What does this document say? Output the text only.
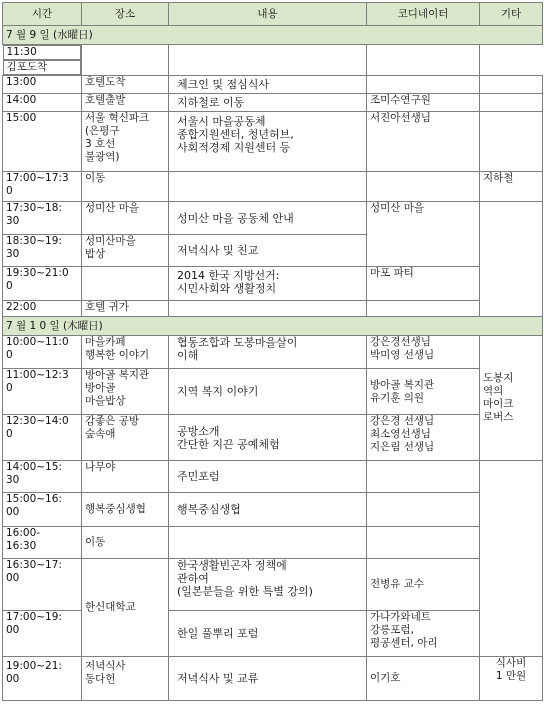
시간	장소	내용	코디네이터	기타
7 월 9 일 (水曜日)				

11:30
김포도착

13:00	호텔도착	체크인 및 점심식사		
14:00	호텔출발	지하철로 이동	조미수연구원	
15:00	서울 혁신파크
(은평구
3 호선
불광역)	서울시 마을공동체
종합지원센터, 청년허브,
사회적경제 지원센터 등	서진아선생님	
17:00~17:3
0	이동			지하철
17:30~18:
30	성미산 마을	성미산 마을 공동체 안내	성미산 마을	
18:30~19:
30	성미산마을
밥상	저녁식사 및 친교		
19:30~21:0
0		2014 한국 지방선거:
시민사회와 생활정치	마포 파티	
22:00	호텔 귀가			
7 월 1 0 일 (木曜日)				
10:00~11:0
0	마을카페
행복한 이야기	협동조합과 도봉마을살이
이해	강은경선생님
박미영 선생님	도봉지
역의
마이크
로버스
11:00~12:3
0	방아골 복지관
방아골
마을밥상	지역 복지 이야기	방아골 복지관
유기훈 의원	
12:30~14:0
0	감좋은 공방
숲속애	공방소개
간단한 지끈 공예체험	강은경 선생님
최소영선생님
지은림 선생님	
14:00~15:
30	나무야	주민포럼		
15:00~16:
00	행복중심생협	행복중심생협		
16:00-
16:30	이동			
16:30~17:
00	한신대학교	한국생활빈곤자 정책에
관하여
(일본분들을 위한 특별 강의)	전병유 교수	
17:00~19:
00		한일 풀뿌리 포럼	가나가와네트
강릉포럼,
평공센터, 아리	
19:00~21:
00	저녁식사
동다헌	저녁식사 및 교류	이기호	식사비
1 만원
